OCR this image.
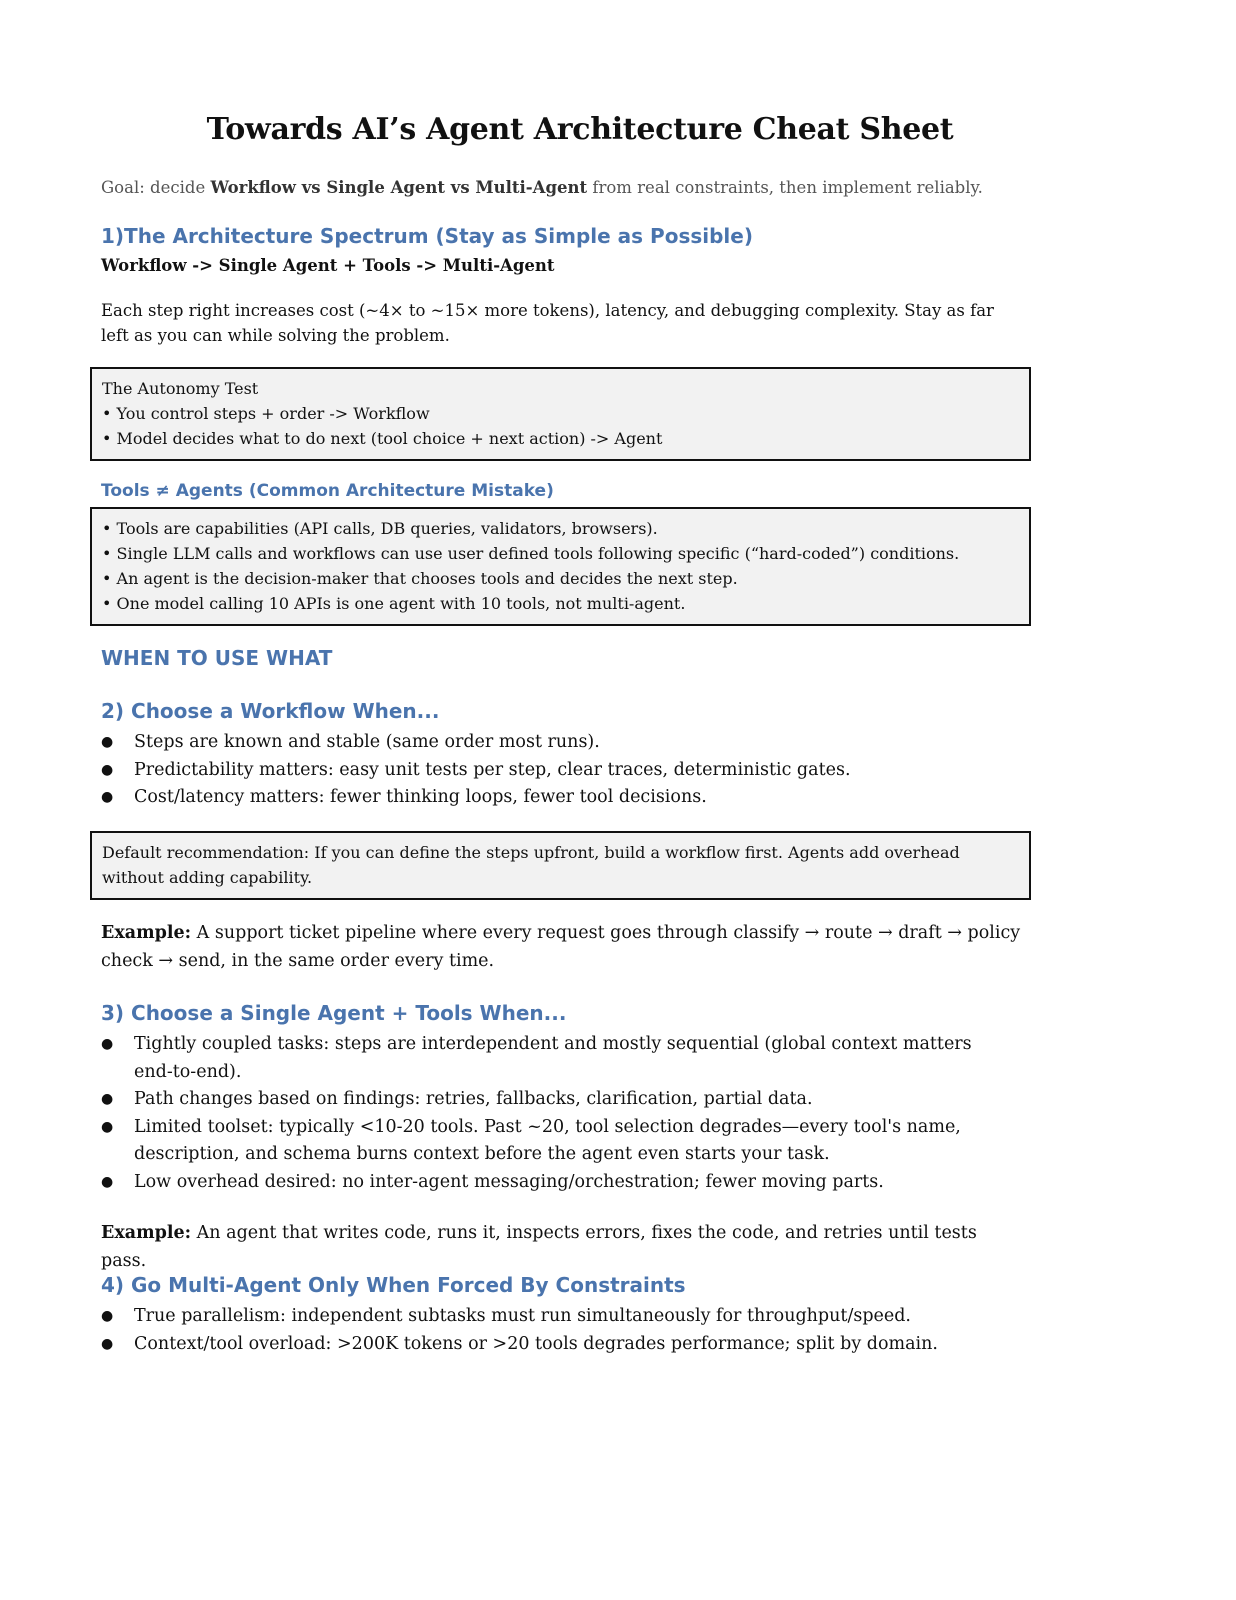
Towards AI’s Agent Architecture Cheat Sheet

Goal: decide Workflow vs Single Agent vs Multi-Agent from real constraints, then implement reliably.

1)The Architecture Spectrum (Stay as Simple as Possible)

Workflow -> Single Agent + Tools -> Multi-Agent

Each step right increases cost (~4× to ~15× more tokens), latency, and debugging complexity. Stay as far left as you can while solving the problem.

The Autonomy Test

• You control steps + order -> Workflow

• Model decides what to do next (tool choice + next action) -> Agent

Tools ≠ Agents (Common Architecture Mistake)

• Tools are capabilities (API calls, DB queries, validators, browsers).

• Single LLM calls and workflows can use user defined tools following specific (“hard-coded”) conditions.

• An agent is the decision-maker that chooses tools and decides the next step.

• One model calling 10 APIs is one agent with 10 tools, not multi-agent.

WHEN TO USE WHAT
2) Choose a Workflow When...
● Steps are known and stable (same order most runs).
● Predictability matters: easy unit tests per step, clear traces, deterministic gates.
● Cost/latency matters: fewer thinking loops, fewer tool decisions.

Default recommendation: If you can define the steps upfront, build a workflow first. Agents add overhead without adding capability.

Example: A support ticket pipeline where every request goes through classify → route → draft → policy check → send, in the same order every time.

3) Choose a Single Agent + Tools When...
● Tightly coupled tasks: steps are interdependent and mostly sequential (global context matters end-to-end).
● Path changes based on findings: retries, fallbacks, clarification, partial data.
● Limited toolset: typically <10-20 tools. Past ~20, tool selection degrades—every tool's name, description, and schema burns context before the agent even starts your task.
● Low overhead desired: no inter-agent messaging/orchestration; fewer moving parts.

Example: An agent that writes code, runs it, inspects errors, fixes the code, and retries until tests pass.

4) Go Multi-Agent Only When Forced By Constraints
● True parallelism: independent subtasks must run simultaneously for throughput/speed.
● Context/tool overload: >200K tokens or >20 tools degrades performance; split by domain.
